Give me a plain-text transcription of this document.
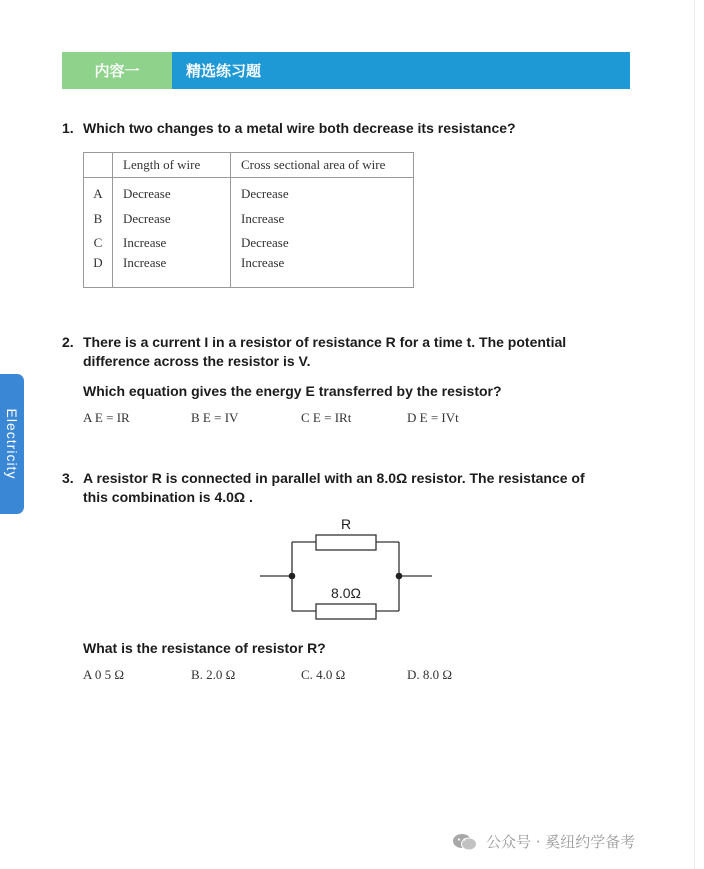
内容一	精选练习题
Electricity
1. Which two changes to a metal wire both decrease its resistance?
	Length of wire	Cross sectional area of wire
A	Decrease	Decrease
B	Decrease	Increase
C	Increase	Decrease
D	Increase	Increase
2. There is a current I in a resistor of resistance R for a time t. The potential
difference across the resistor is V.
Which equation gives the energy E transferred by the resistor?
A E = IR	B E = IV	C E = IRt	D E = IVt
3. A resistor R is connected in parallel with an 8.0Ω resistor. The resistance of
this combination is 4.0Ω .
R
8.0Ω
What is the resistance of resistor R?
A 0 5 Ω	B. 2.0 Ω	C. 4.0 Ω	D. 8.0 Ω
公众号 · 奚纽约学备考
